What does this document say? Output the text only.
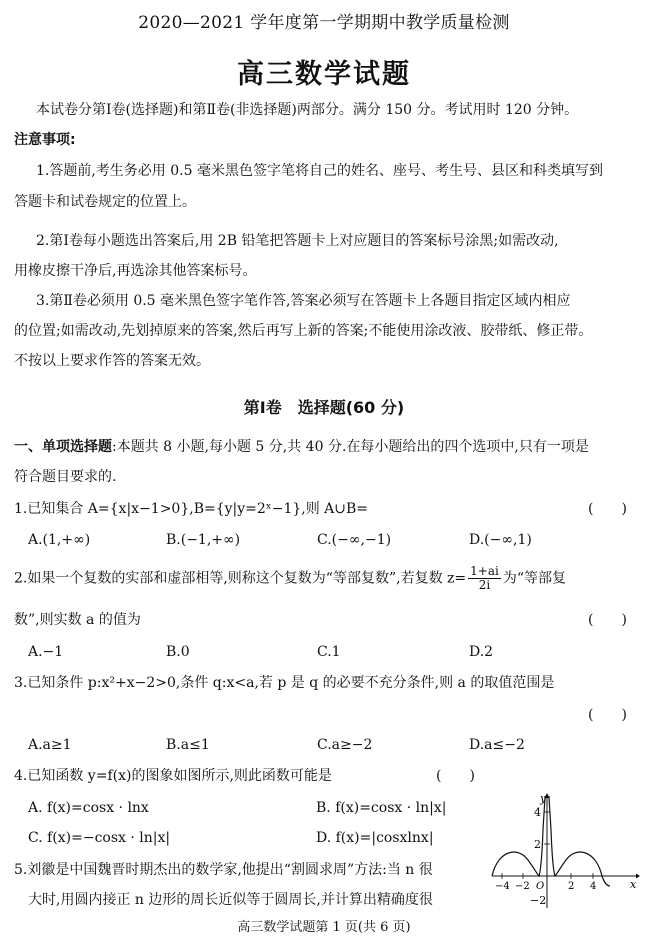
2020—2021 学年度第一学期期中教学质量检测
高三数学试题
本试卷分第Ⅰ卷(选择题)和第Ⅱ卷(非选择题)两部分。满分 150 分。考试用时 120 分钟。
注意事项:
1.答题前,考生务必用 0.5 毫米黑色签字笔将自己的姓名、座号、考生号、县区和科类填写到
答题卡和试卷规定的位置上。
2.第Ⅰ卷每小题选出答案后,用 2B 铅笔把答题卡上对应题目的答案标号涂黑;如需改动,
用橡皮擦干净后,再选涂其他答案标号。
3.第Ⅱ卷必须用 0.5 毫米黑色签字笔作答,答案必须写在答题卡上各题目指定区域内相应
的位置;如需改动,先划掉原来的答案,然后再写上新的答案;不能使用涂改液、胶带纸、修正带。
不按以上要求作答的答案无效。
第Ⅰ卷　选择题(60 分)
一、单项选择题:本题共 8 小题,每小题 5 分,共 40 分.在每小题给出的四个选项中,只有一项是
符合题目要求的.
1.已知集合 A={x|x−1>0},B={y|y=2ˣ−1},则 A∪B=	(　　)
A.(1,+∞)	B.(−1,+∞)	C.(−∞,−1)	D.(−∞,1)
2.如果一个复数的实部和虚部相等,则称这个复数为“等部复数”,若复数 $z= \frac{1+ai}{2i}$ 为“等部复
数”,则实数 a 的值为	(　　)
A.−1	B.0	C.1	D.2
3.已知条件 p:x²+x−2>0,条件 q:x<a,若 p 是 q 的必要不充分条件,则 a 的取值范围是
(　　)
A.a≥1	B.a≤1	C.a≥−2	D.a≤−2
4.已知函数 y=f(x)的图象如图所示,则此函数可能是	(　　)
A. f(x)=cosx · lnx	B. f(x)=cosx · ln|x|
C. f(x)=−cosx · ln|x|	D. f(x)=|cosxlnx|
5.刘徽是中国魏晋时期杰出的数学家,他提出“割圆求周”方法:当 n 很
大时,用圆内接正 n 边形的周长近似等于圆周长,并计算出精确度很
y
x
O
4
2
−2
−4 −2	2 4
高三数学试题第 1 页(共 6 页)
